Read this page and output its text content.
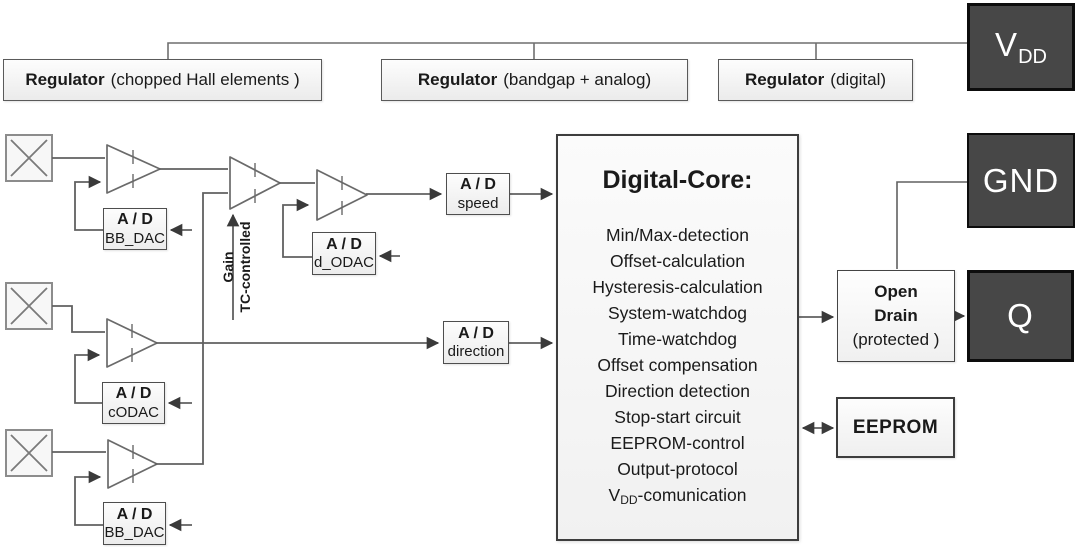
Regulator (chopped Hall elements )	Regulator (bandgap + analog)	Regulator (digital)
$V_{DD}$
GND
Q
A / D
BB_DAC	A / D
d_ODAC
A / D
cODAC
A / D
BB_DAC
A / D
speed
A / D
direction
Gain TC-controlled
Digital-Core:
Min/Max-detection
Offset-calculation
Hysteresis-calculation
System-watchdog
Time-watchdog
Offset compensation
Direction detection
Stop-start circuit
EEPROM-control
Output-protocol
VDD-comunication
Open
Drain
(protected )
EEPROM
